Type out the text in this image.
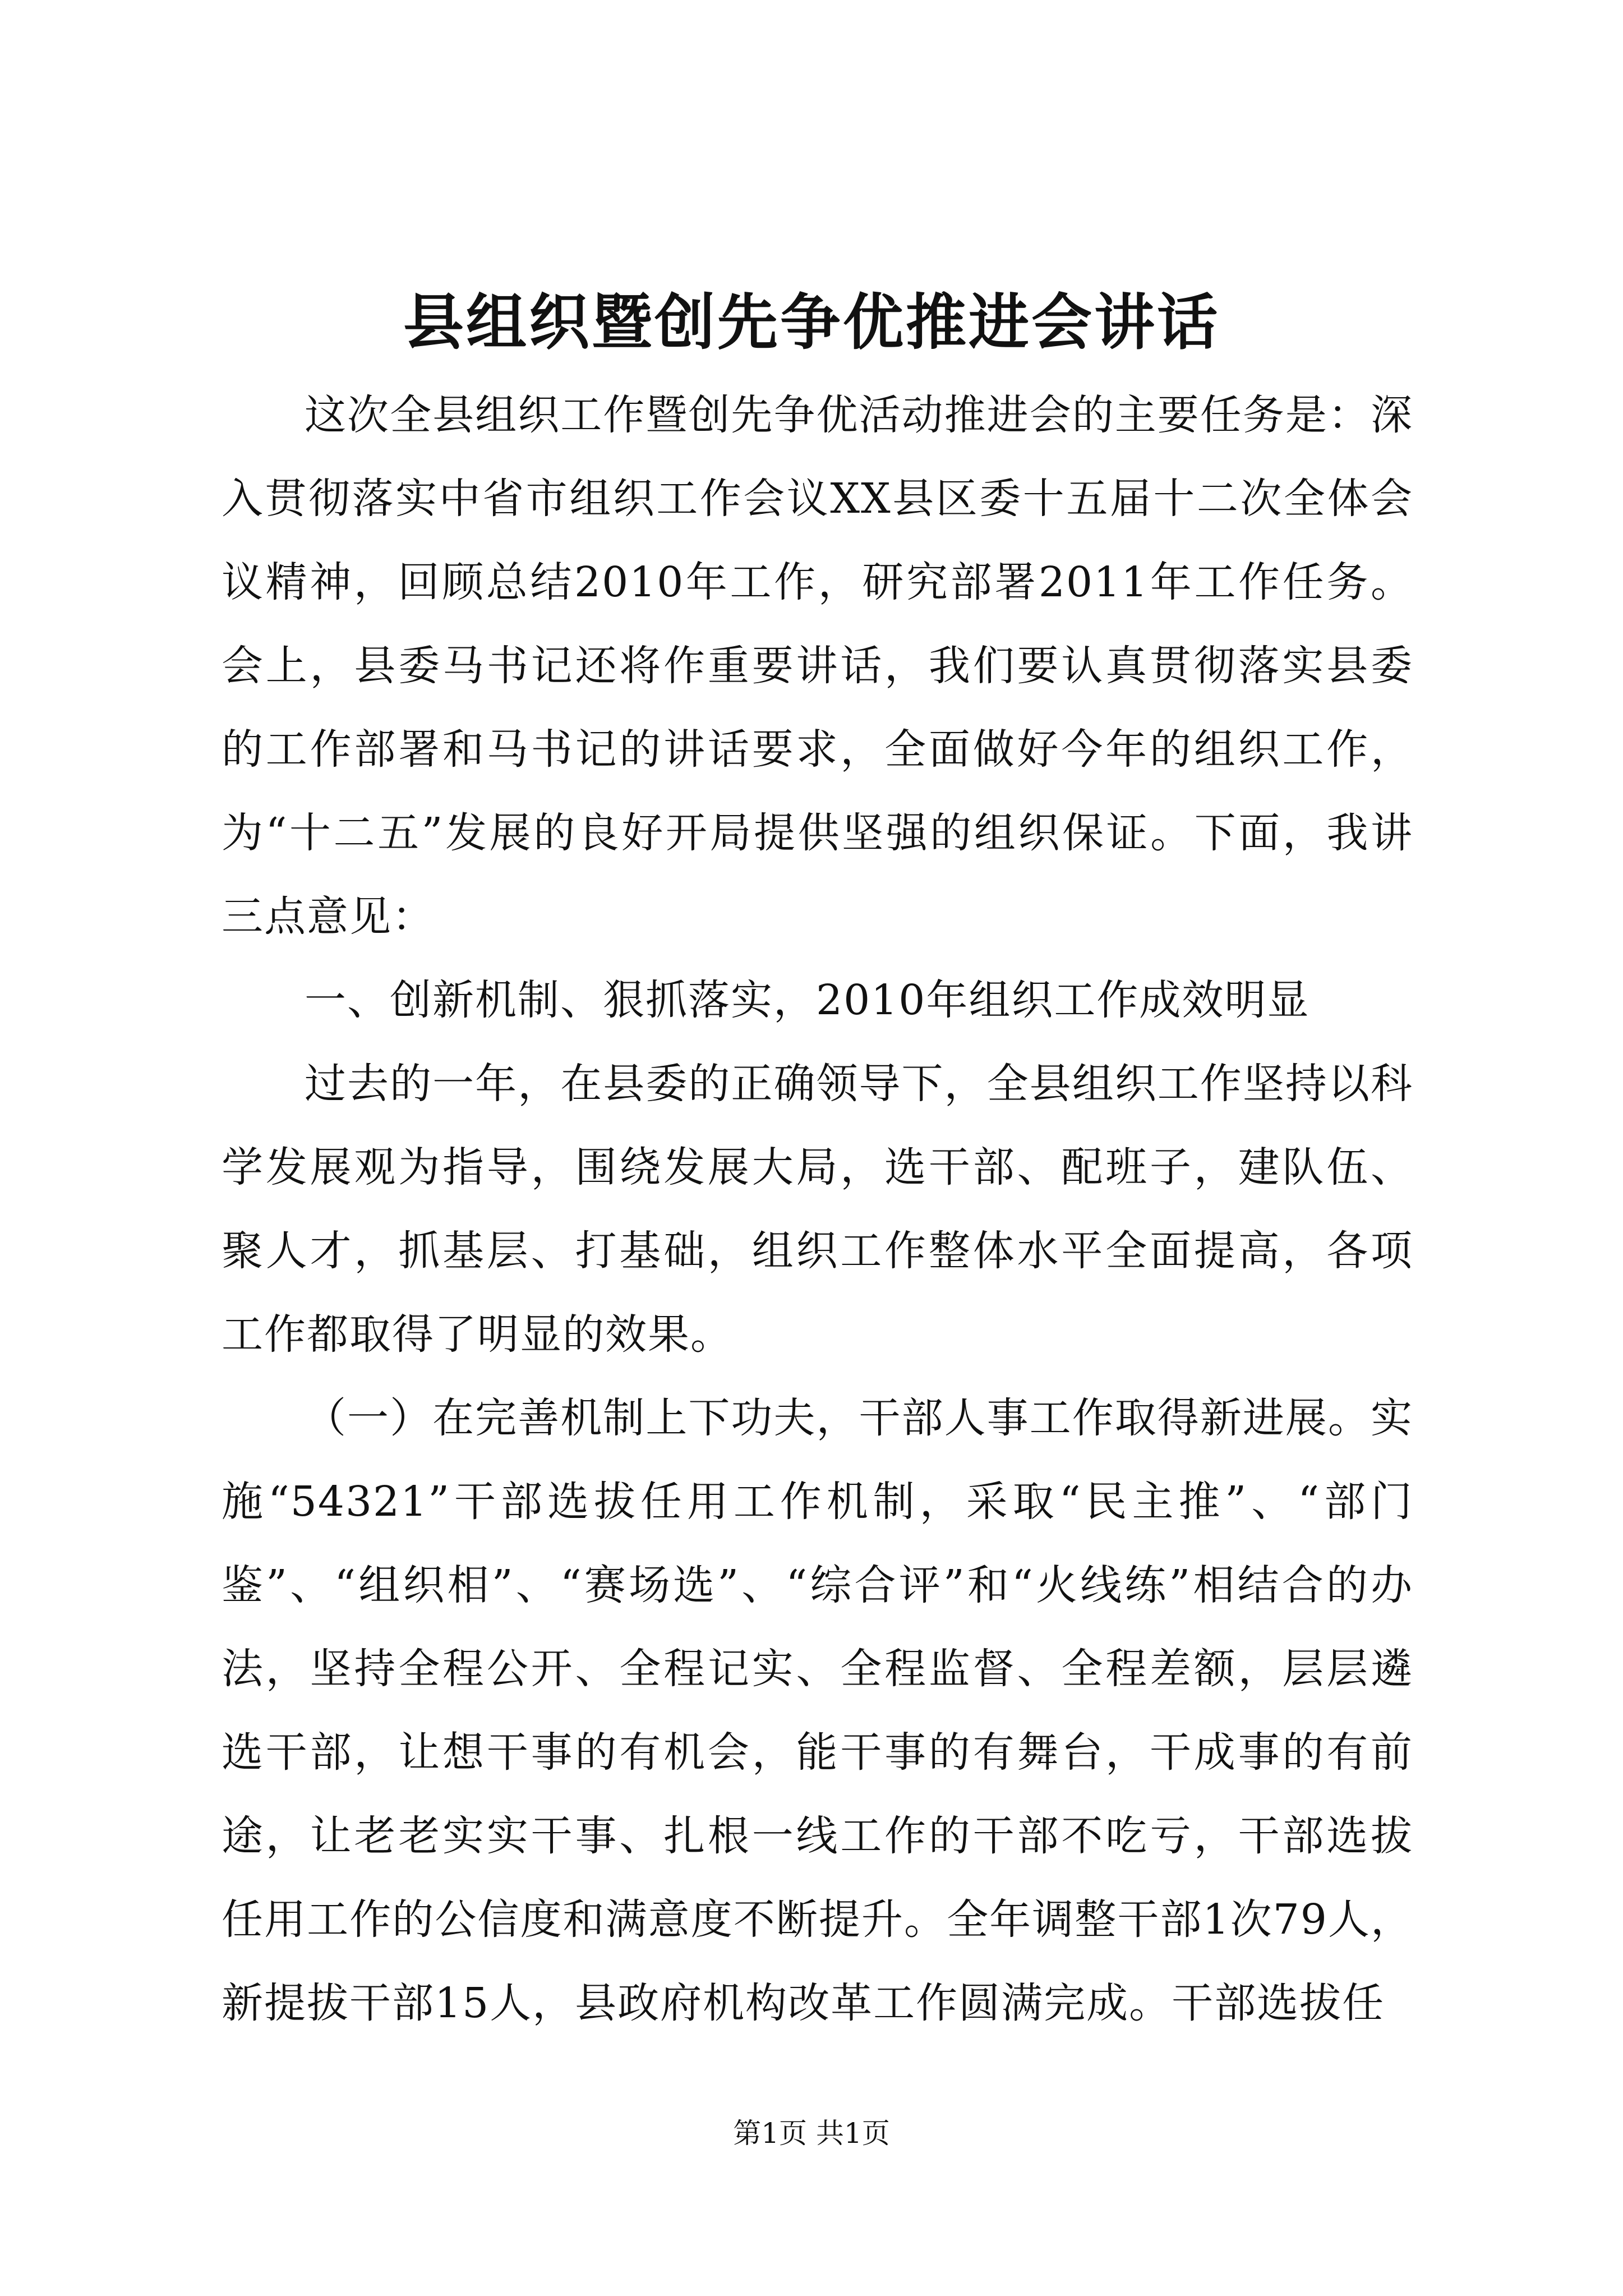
县组织暨创先争优推进会讲话

这次全县组织工作暨创先争优活动推进会的主要任务是：深入贯彻落实中省市组织工作会议XX县区委十五届十二次全体会议精神，回顾总结2010年工作，研究部署2011年工作任务。会上，县委马书记还将作重要讲话，我们要认真贯彻落实县委的工作部署和马书记的讲话要求，全面做好今年的组织工作，为“十二五”发展的良好开局提供坚强的组织保证。下面，我讲三点意见：

一、创新机制、狠抓落实，2010年组织工作成效明显

过去的一年，在县委的正确领导下，全县组织工作坚持以科学发展观为指导，围绕发展大局，选干部、配班子，建队伍、聚人才，抓基层、打基础，组织工作整体水平全面提高，各项工作都取得了明显的效果。

（一）在完善机制上下功夫，干部人事工作取得新进展。实施“54321”干部选拔任用工作机制，采取“民主推”、“部门鉴”、“组织相”、“赛场选”、“综合评”和“火线练”相结合的办法，坚持全程公开、全程记实、全程监督、全程差额，层层遴选干部，让想干事的有机会，能干事的有舞台，干成事的有前途，让老老实实干事、扎根一线工作的干部不吃亏，干部选拔任用工作的公信度和满意度不断提升。全年调整干部1次79人，新提拔干部15人，县政府机构改革工作圆满完成。干部选拔任

第1页 共1页
